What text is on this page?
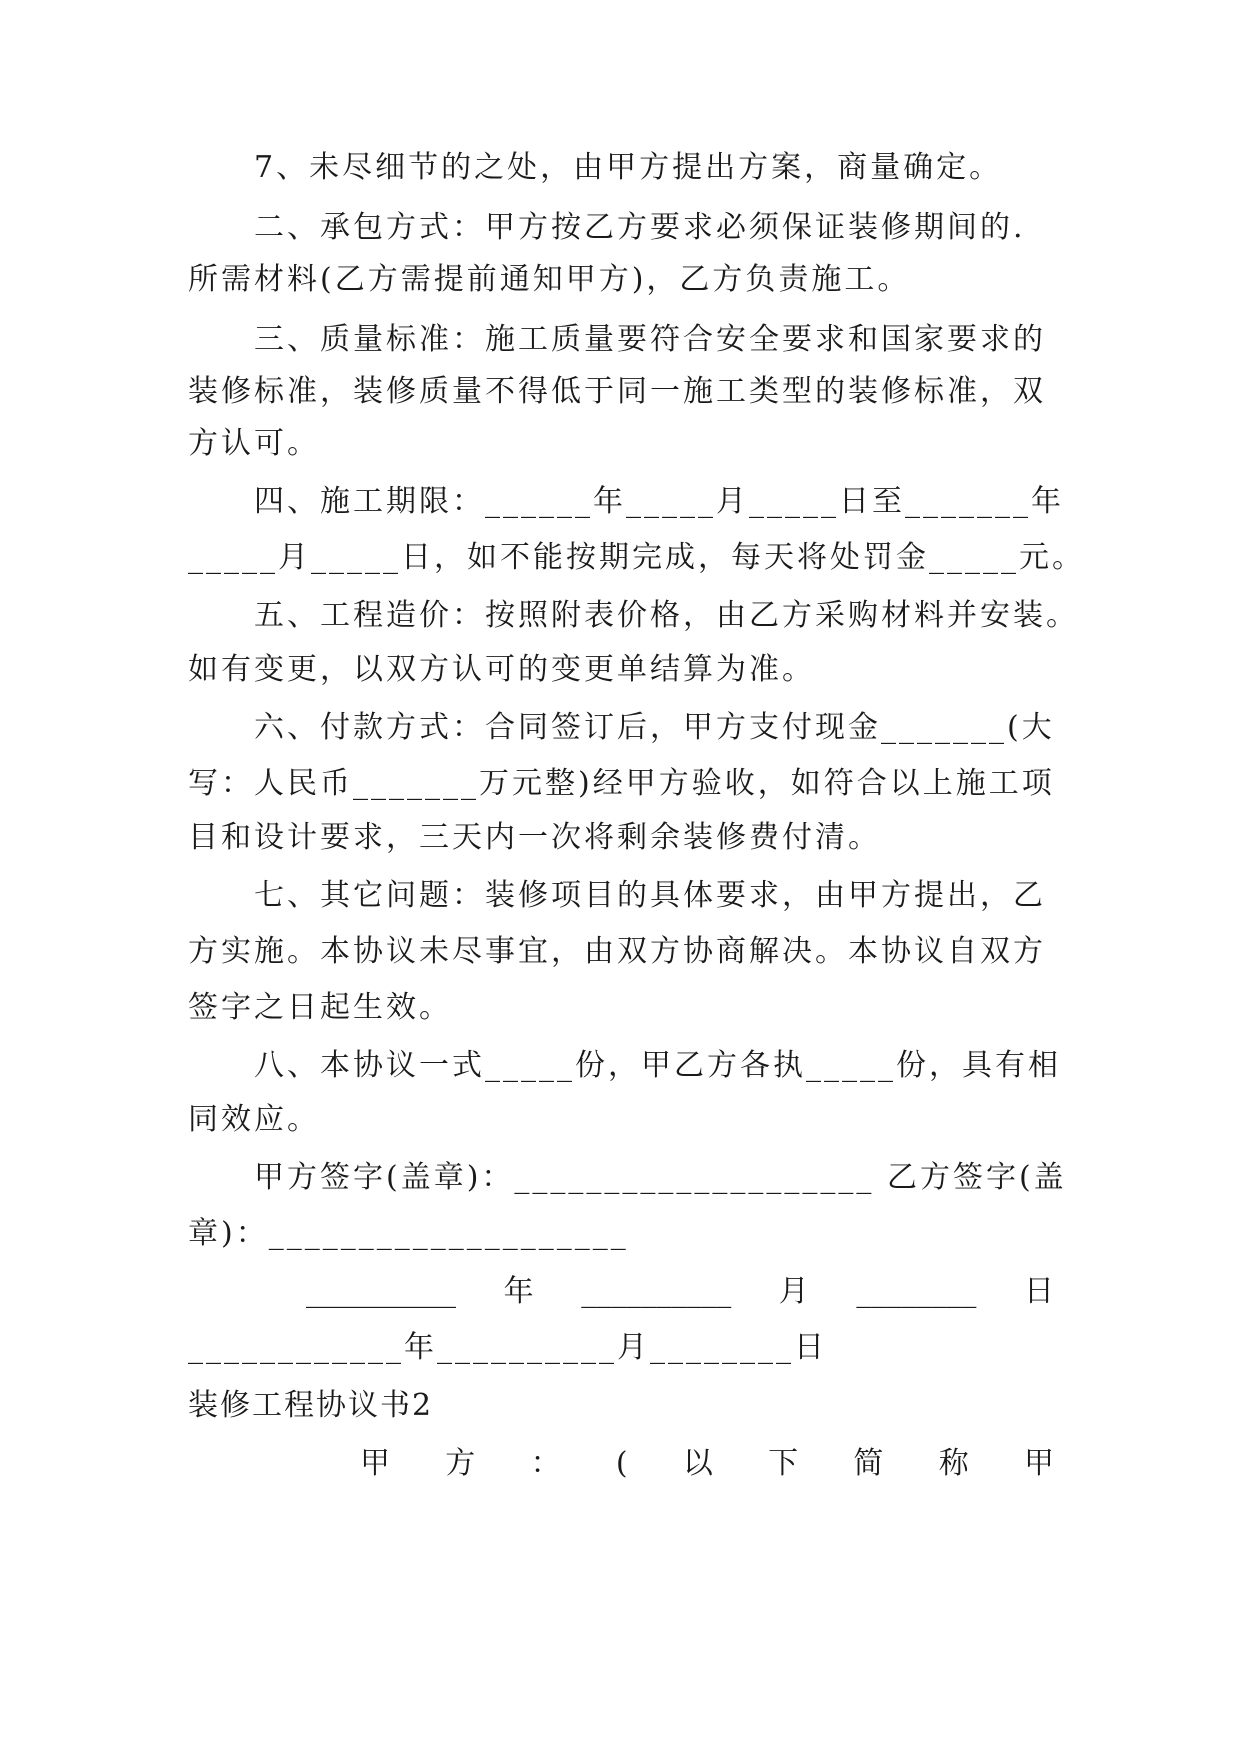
7、未尽细节的之处，由甲方提出方案，商量确定。
二、承包方式：甲方按乙方要求必须保证装修期间的.
所需材料(乙方需提前通知甲方)，乙方负责施工。
三、质量标准：施工质量要符合安全要求和国家要求的
装修标准，装修质量不得低于同一施工类型的装修标准，双
方认可。
四、施工期限：______年_____月_____日至_______年
_____月_____日，如不能按期完成，每天将处罚金_____元。
五、工程造价：按照附表价格，由乙方采购材料并安装。
如有变更，以双方认可的变更单结算为准。
六、付款方式：合同签订后，甲方支付现金_______(大
写：人民币_______万元整)经甲方验收，如符合以上施工项
目和设计要求，三天内一次将剩余装修费付清。
七、其它问题：装修项目的具体要求，由甲方提出，乙
方实施。本协议未尽事宜，由双方协商解决。本协议自双方
签字之日起生效。
八、本协议一式_____份，甲乙方各执_____份，具有相
同效应。
甲方签字(盖章)：____________________ 乙方签字(盖
章)：____________________
__________ 年 __________ 月 ________ 日
____________年__________月________日
装修工程协议书2
甲 方 ： ( 以 下 简 称 甲
